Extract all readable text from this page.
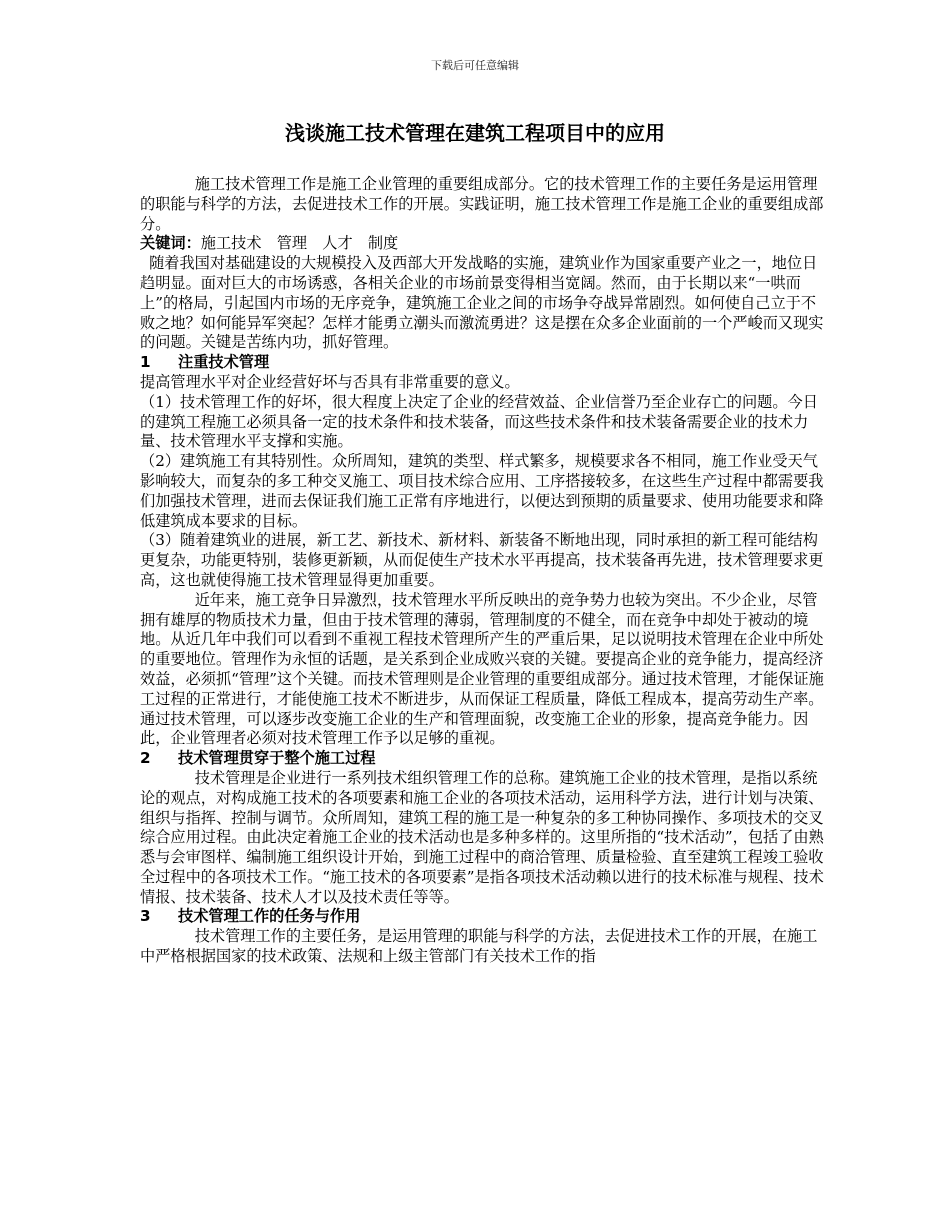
下载后可任意编辑
浅谈施工技术管理在建筑工程项目中的应用

施工技术管理工作是施工企业管理的重要组成部分。它的技术管理工作的主要任务是运用管理的职能与科学的方法，去促进技术工作的开展。实践证明，施工技术管理工作是施工企业的重要组成部分。

关键词：施工技术　管理　人才　制度

随着我国对基础建设的大规模投入及西部大开发战略的实施，建筑业作为国家重要产业之一，地位日趋明显。面对巨大的市场诱惑，各相关企业的市场前景变得相当宽阔。然而，由于长期以来“一哄而上”的格局，引起国内市场的无序竞争，建筑施工企业之间的市场争夺战异常剧烈。如何使自己立于不败之地？如何能异军突起？怎样才能勇立潮头而激流勇进？这是摆在众多企业面前的一个严峻而又现实的问题。关键是苦练内功，抓好管理。

1 注重技术管理

提高管理水平对企业经营好坏与否具有非常重要的意义。

（1）技术管理工作的好坏，很大程度上决定了企业的经营效益、企业信誉乃至企业存亡的问题。今日的建筑工程施工必须具备一定的技术条件和技术装备，而这些技术条件和技术装备需要企业的技术力量、技术管理水平支撑和实施。

（2）建筑施工有其特别性。众所周知，建筑的类型、样式繁多，规模要求各不相同，施工作业受天气影响较大，而复杂的多工种交叉施工、项目技术综合应用、工序搭接较多，在这些生产过程中都需要我们加强技术管理，进而去保证我们施工正常有序地进行，以便达到预期的质量要求、使用功能要求和降低建筑成本要求的目标。

（3）随着建筑业的进展，新工艺、新技术、新材料、新装备不断地出现，同时承担的新工程可能结构更复杂，功能更特别，装修更新颖，从而促使生产技术水平再提高，技术装备再先进，技术管理要求更高，这也就使得施工技术管理显得更加重要。

近年来，施工竞争日异激烈，技术管理水平所反映出的竞争势力也较为突出。不少企业，尽管拥有雄厚的物质技术力量，但由于技术管理的薄弱，管理制度的不健全，而在竞争中却处于被动的境地。从近几年中我们可以看到不重视工程技术管理所产生的严重后果，足以说明技术管理在企业中所处的重要地位。管理作为永恒的话题，是关系到企业成败兴衰的关键。要提高企业的竞争能力，提高经济效益，必须抓“管理”这个关键。而技术管理则是企业管理的重要组成部分。通过技术管理，才能保证施工过程的正常进行，才能使施工技术不断进步，从而保证工程质量，降低工程成本，提高劳动生产率。通过技术管理，可以逐步改变施工企业的生产和管理面貌，改变施工企业的形象，提高竞争能力。因此，企业管理者必须对技术管理工作予以足够的重视。

2 技术管理贯穿于整个施工过程

技术管理是企业进行一系列技术组织管理工作的总称。建筑施工企业的技术管理，是指以系统论的观点，对构成施工技术的各项要素和施工企业的各项技术活动，运用科学方法，进行计划与决策、组织与指挥、控制与调节。众所周知，建筑工程的施工是一种复杂的多工种协同操作、多项技术的交叉综合应用过程。由此决定着施工企业的技术活动也是多种多样的。这里所指的“技术活动”，包括了由熟悉与会审图样、编制施工组织设计开始，到施工过程中的商洽管理、质量检验、直至建筑工程竣工验收全过程中的各项技术工作。“施工技术的各项要素”是指各项技术活动赖以进行的技术标准与规程、技术情报、技术装备、技术人才以及技术责任等等。

3 技术管理工作的任务与作用

技术管理工作的主要任务，是运用管理的职能与科学的方法，去促进技术工作的开展，在施工中严格根据国家的技术政策、法规和上级主管部门有关技术工作的指
